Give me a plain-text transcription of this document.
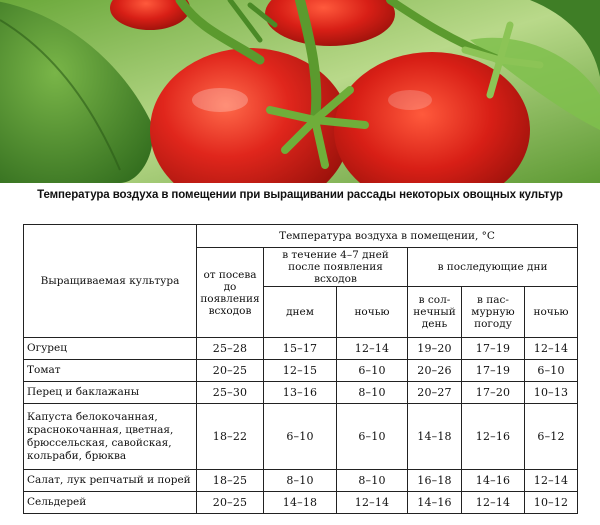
Температура воздуха в помещении при выращивании рассады некоторых овощных культур
Выращиваемая культура	Температура воздуха в помещении, °С					
	от посева до появления всходов	в течение 4–7 дней после появления всходов		в последующие дни		
		днем	ночью	в сол-нечный день	в пас-мурную погоду	ночью
Огурец	25–28	15–17	12–14	19–20	17–19	12–14
Томат	20–25	12–15	6–10	20–26	17–19	6–10
Перец и баклажаны	25–30	13–16	8–10	20–27	17–20	10–13
Капуста белокочанная, краснокочанная, цветная, брюссельская, савойская, кольраби, брюква	18–22	6–10	6–10	14–18	12–16	6–12
Салат, лук репчатый и порей	18–25	8–10	8–10	16–18	14–16	12–14
Сельдерей	20–25	14–18	12–14	14–16	12–14	10–12
